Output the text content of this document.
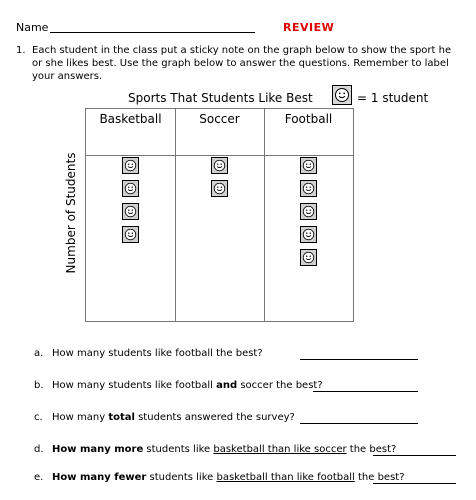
Name	REVIEW
1. Each student in the class put a sticky note on the graph below to show the sport he or she likes best. Use the graph below to answer the questions. Remember to label your answers.
Sports That Students Like Best	= 1 student
Number of Students
Basketball	Soccer	Football
a. How many students like football the best?
b. How many students like football and soccer the best?
c. How many total students answered the survey?
d. How many more students like basketball than like soccer the best?
e. How many fewer students like basketball than like football the best?
